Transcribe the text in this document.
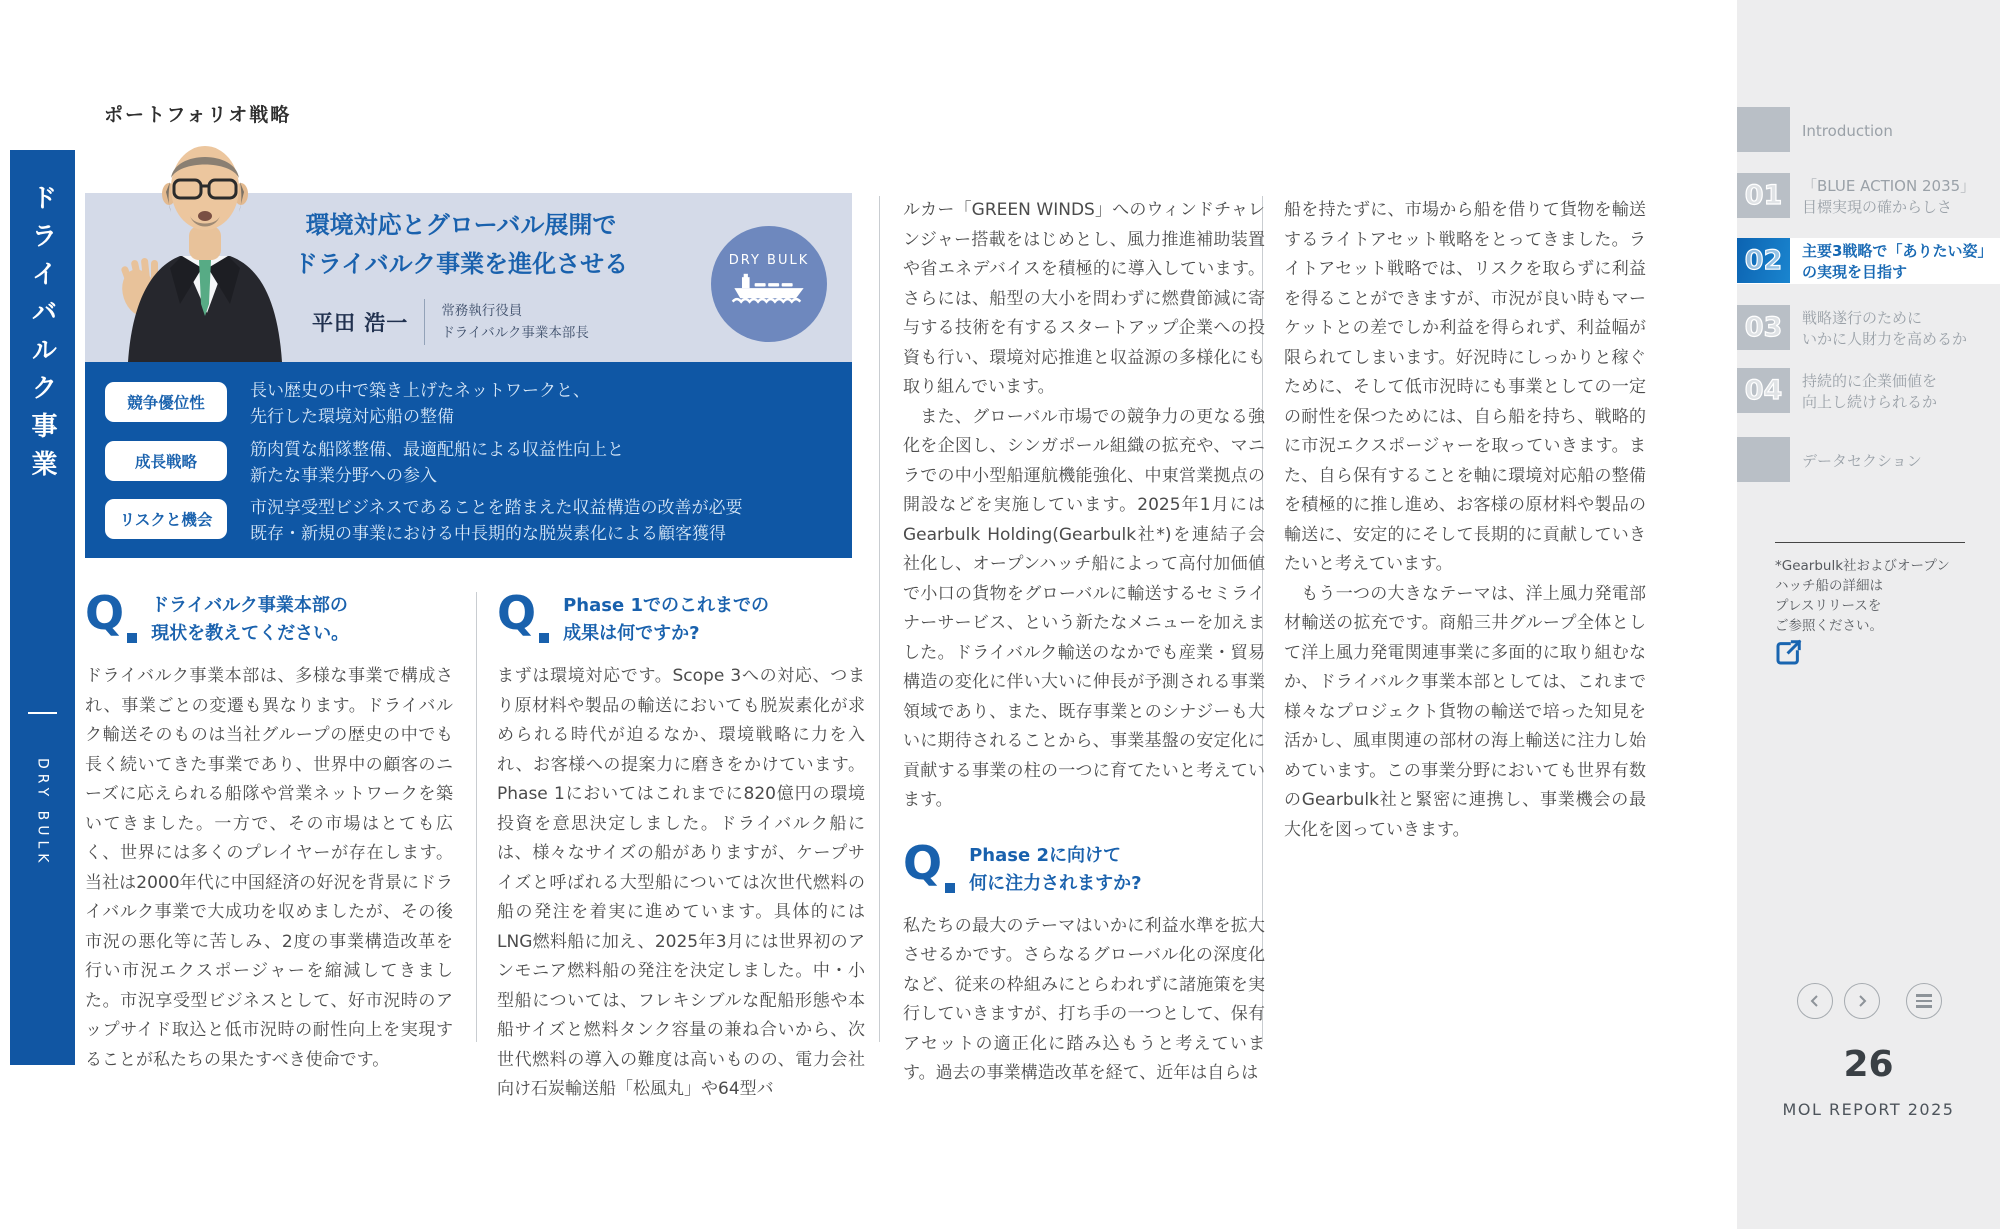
ドライバルク事業
DRY BULK
ポートフォリオ戦略
環境対応とグローバル展開で
ドライバルク事業を進化させる
平田 浩一 常務執行役員
ドライバルク事業本部長
DRY BULK
競争優位性
長い歴史の中で築き上げたネットワークと、
先行した環境対応船の整備
成長戦略
筋肉質な船隊整備、最適配船による収益性向上と
新たな事業分野への参入
リスクと機会
市況享受型ビジネスであることを踏まえた収益構造の改善が必要
既存・新規の事業における中長期的な脱炭素化による顧客獲得
Q ドライバルク事業本部の
現状を教えてください。

ドライバルク事業本部は、多様な事業で構成され、事業ごとの変遷も異なります。ドライバルク輸送そのものは当社グループの歴史の中でも長く続いてきた事業であり、世界中の顧客のニーズに応えられる船隊や営業ネットワークを築いてきました。一方で、その市場はとても広く、世界には多くのプレイヤーが存在します。当社は2000年代に中国経済の好況を背景にドライバルク事業で大成功を収めましたが、その後市況の悪化等に苦しみ、2度の事業構造改革を行い市況エクスポージャーを縮減してきました。市況享受型ビジネスとして、好市況時のアップサイド取込と低市況時の耐性向上を実現することが私たちの果たすべき使命です。

Q Phase 1でのこれまでの
成果は何ですか?

まずは環境対応です。Scope 3への対応、つまり原材料や製品の輸送においても脱炭素化が求められる時代が迫るなか、環境戦略に力を入れ、お客様への提案力に磨きをかけています。Phase 1においてはこれまでに820億円の環境投資を意思決定しました。ドライバルク船には、様々なサイズの船がありますが、ケープサイズと呼ばれる大型船については次世代燃料の船の発注を着実に進めています。具体的にはLNG燃料船に加え、2025年3月には世界初のアンモニア燃料船の発注を決定しました。中・小型船については、フレキシブルな配船形態や本船サイズと燃料タンク容量の兼ね合いから、次世代燃料の導入の難度は高いものの、電力会社向け石炭輸送船「松風丸」や64型バ

ルカー「GREEN WINDS」へのウィンドチャレンジャー搭載をはじめとし、風力推進補助装置や省エネデバイスを積極的に導入しています。さらには、船型の大小を問わずに燃費節減に寄与する技術を有するスタートアップ企業への投資も行い、環境対応推進と収益源の多様化にも取り組んでいます。

　また、グローバル市場での競争力の更なる強化を企図し、シンガポール組織の拡充や、マニラでの中小型船運航機能強化、中東営業拠点の開設などを実施しています。2025年1月にはGearbulk Holding(Gearbulk社*)を連結子会社化し、オープンハッチ船によって高付加価値で小口の貨物をグローバルに輸送するセミライナーサービス、という新たなメニューを加えました。ドライバルク輸送のなかでも産業・貿易構造の変化に伴い大いに伸長が予測される事業領域であり、また、既存事業とのシナジーも大いに期待されることから、事業基盤の安定化に貢献する事業の柱の一つに育てたいと考えています。

Q Phase 2に向けて
何に注力されますか?

私たちの最大のテーマはいかに利益水準を拡大させるかです。さらなるグローバル化の深度化など、従来の枠組みにとらわれずに諸施策を実行していきますが、打ち手の一つとして、保有アセットの適正化に踏み込もうと考えています。過去の事業構造改革を経て、近年は自らは

船を持たずに、市場から船を借りて貨物を輸送するライトアセット戦略をとってきました。ライトアセット戦略では、リスクを取らずに利益を得ることができますが、市況が良い時もマーケットとの差でしか利益を得られず、利益幅が限られてしまいます。好況時にしっかりと稼ぐために、そして低市況時にも事業としての一定の耐性を保つためには、自ら船を持ち、戦略的に市況エクスポージャーを取っていきます。また、自ら保有することを軸に環境対応船の整備を積極的に推し進め、お客様の原材料や製品の輸送に、安定的にそして長期的に貢献していきたいと考えています。

　もう一つの大きなテーマは、洋上風力発電部材輸送の拡充です。商船三井グループ全体として洋上風力発電関連事業に多面的に取り組むなか、ドライバルク事業本部としては、これまで様々なプロジェクト貨物の輸送で培った知見を活かし、風車関連の部材の海上輸送に注力し始めています。この事業分野においても世界有数のGearbulk社と緊密に連携し、事業機会の最大化を図っていきます。

Introduction
01	「BLUE ACTION 2035」
目標実現の確からしさ
02	主要3戦略で「ありたい姿」
の実現を目指す
03	戦略遂行のために
いかに人財力を高めるか
04	持続的に企業価値を
向上し続けられるか
データセクション
*Gearbulk社およびオープン
ハッチ船の詳細は
プレスリリースを
ご参照ください。
26
MOL REPORT 2025
